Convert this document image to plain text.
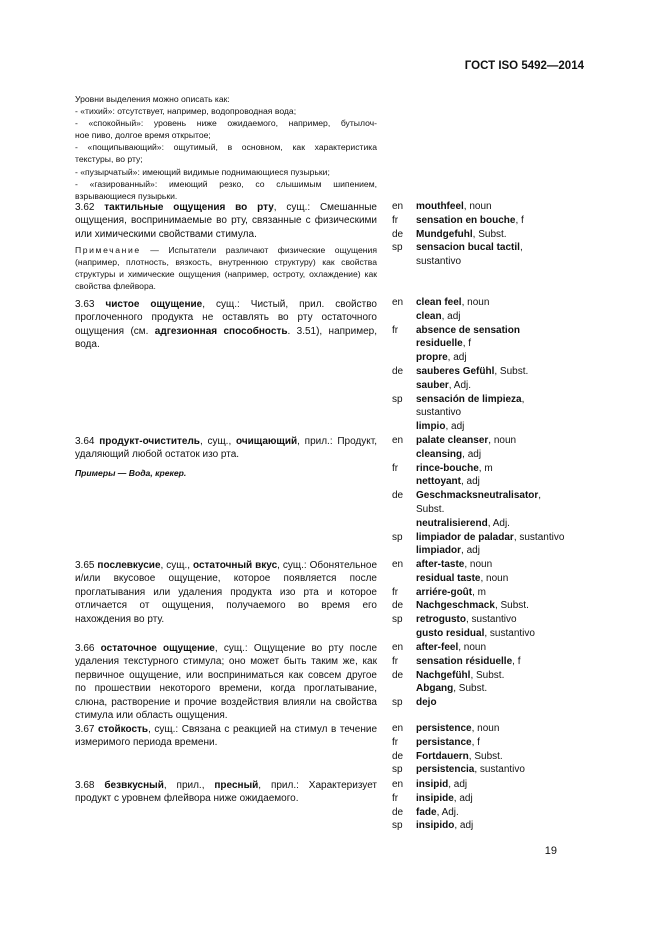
ГОСТ ISO 5492—2014
Уровни выделения можно описать как:
- «тихий»: отсутствует, например, водопроводная вода;
- «спокойный»: уровень ниже ожидаемого, например, бутылоч-
ное пиво, долгое время открытое;
- «пощипывающий»: ощутимый, в основном, как характеристика
текстуры, во рту;
- «пузырчатый»: имеющий видимые поднимающиеся пузырьки;
- «газированный»: имеющий резко, со слышимым шипением,
взрывающиеся пузырьки.
3.62 тактильные ощущения во рту, сущ.: Смешанные ощущения, воспринимаемые во рту, связанные с физическими или химическими свойствами стимула.
Примечание — Испытатели различают физические ощущения (например, плотность, вязкость, внутреннюю структуру) как свойства структуры и химические ощущения (например, остроту, охлаждение) как свойства флейвора.
3.63 чистое ощущение, сущ.: Чистый, прил. свойство проглоченного продукта не оставлять во рту остаточного ощущения (см. адгезионная способность. 3.51), например, вода.
3.64 продукт-очиститель, сущ., очищающий, прил.: Продукт, удаляющий любой остаток изо рта.
Примеры — Вода, крекер.
3.65 послевкусие, сущ., остаточный вкус, сущ.: Обонятельное и/или вкусовое ощущение, которое появляется после проглатывания или удаления продукта изо рта и которое отличается от ощущения, получаемого во время его нахождения во рту.
3.66 остаточное ощущение, сущ.: Ощущение во рту после удаления текстурного стимула; оно может быть таким же, как первичное ощущение, или восприниматься как совсем другое по прошествии некоторого времени, когда проглатывание, слюна, растворение и прочие воздействия влияли на свойства стимула или область ощущения.
3.67 стойкость, сущ.: Связана с реакцией на стимул в течение измеримого периода времени.
3.68 безвкусный, прил., пресный, прил.: Характеризует продукт с уровнем флейвора ниже ожидаемого.
en mouthfeel, noun
fr sensation en bouche, f
de Mundgefuhl, Subst.
sp sensacion bucal tactil,
sustantivo
en clean feel, noun
clean, adj
fr absence de sensation
residuelle, f
propre, adj
de sauberes Gefühl, Subst.
sauber, Adj.
sp sensación de limpieza,
sustantivo
limpio, adj
en palate cleanser, noun
cleansing, adj
fr rince-bouche, m
nettoyant, adj
de Geschmacksneutralisator,
Subst.
neutralisierend, Adj.
sp limpiador de paladar, sustantivo
limpiador, adj
en after-taste, noun
residual taste, noun
fr arriére-goût, m
de Nachgeschmack, Subst.
sp retrogusto, sustantivo
gusto residual, sustantivo
en after-feel, noun
fr sensation résiduelle, f
de Nachgefühl, Subst.
Abgang, Subst.
sp dejo
en persistence, noun
fr persistance, f
de Fortdauern, Subst.
sp persistencia, sustantivo
en insipid, adj
fr insipide, adj
de fade, Adj.
sp insipido, adj
19
